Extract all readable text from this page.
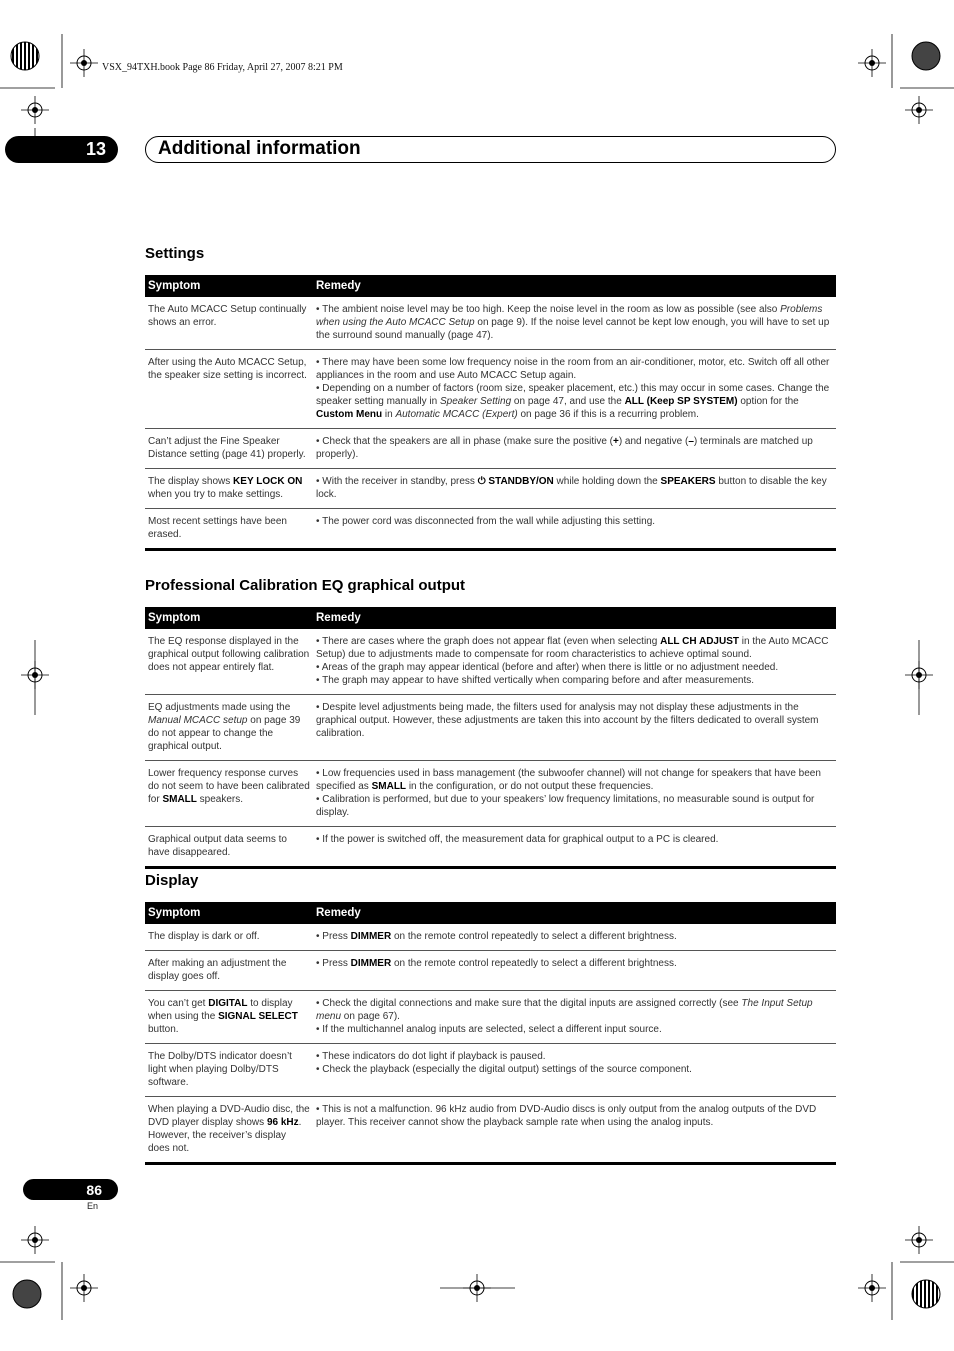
VSX_94TXH.book Page 86 Friday, April 27, 2007 8:21 PM
13	Additional information
Settings
Symptom	Remedy
The Auto MCACC Setup continually shows an error.	• The ambient noise level may be too high. Keep the noise level in the room as low as possible (see also Problems when using the Auto MCACC Setup on page 9). If the noise level cannot be kept low enough, you will have to set up the surround sound manually (page 47).
After using the Auto MCACC Setup, the speaker size setting is incorrect.	• There may have been some low frequency noise in the room from an air-conditioner, motor, etc. Switch off all other appliances in the room and use Auto MCACC Setup again.
• Depending on a number of factors (room size, speaker placement, etc.) this may occur in some cases. Change the speaker setting manually in Speaker Setting on page 47, and use the ALL (Keep SP SYSTEM) option for the Custom Menu in Automatic MCACC (Expert) on page 36 if this is a recurring problem.
Can’t adjust the Fine Speaker Distance setting (page 41) properly.	• Check that the speakers are all in phase (make sure the positive (+) and negative (–) terminals are matched up properly).
The display shows KEY LOCK ON when you try to make settings.	• With the receiver in standby, press ⏻ STANDBY/ON while holding down the SPEAKERS button to disable the key lock.
Most recent settings have been erased.	• The power cord was disconnected from the wall while adjusting this setting.
Professional Calibration EQ graphical output
Symptom	Remedy
The EQ response displayed in the graphical output following calibration does not appear entirely flat.	• There are cases where the graph does not appear flat (even when selecting ALL CH ADJUST in the Auto MCACC Setup) due to adjustments made to compensate for room characteristics to achieve optimal sound.
• Areas of the graph may appear identical (before and after) when there is little or no adjustment needed.
• The graph may appear to have shifted vertically when comparing before and after measurements.
EQ adjustments made using the Manual MCACC setup on page 39 do not appear to change the graphical output.	• Despite level adjustments being made, the filters used for analysis may not display these adjustments in the graphical output. However, these adjustments are taken this into account by the filters dedicated to overall system calibration.
Lower frequency response curves do not seem to have been calibrated for SMALL speakers.	• Low frequencies used in bass management (the subwoofer channel) will not change for speakers that have been specified as SMALL in the configuration, or do not output these frequencies.
• Calibration is performed, but due to your speakers’ low frequency limitations, no measurable sound is output for display.
Graphical output data seems to have disappeared.	• If the power is switched off, the measurement data for graphical output to a PC is cleared.
Display
Symptom	Remedy
The display is dark or off.	• Press DIMMER on the remote control repeatedly to select a different brightness.
After making an adjustment the display goes off.	• Press DIMMER on the remote control repeatedly to select a different brightness.
You can’t get DIGITAL to display when using the SIGNAL SELECT button.	• Check the digital connections and make sure that the digital inputs are assigned correctly (see The Input Setup menu on page 67).
• If the multichannel analog inputs are selected, select a different input source.
The Dolby/DTS indicator doesn’t light when playing Dolby/DTS software.	• These indicators do dot light if playback is paused.
• Check the playback (especially the digital output) settings of the source component.
When playing a DVD-Audio disc, the DVD player display shows 96 kHz. However, the receiver’s display does not.	• This is not a malfunction. 96 kHz audio from DVD-Audio discs is only output from the analog outputs of the DVD player. This receiver cannot show the playback sample rate when using the analog inputs.
86
En
